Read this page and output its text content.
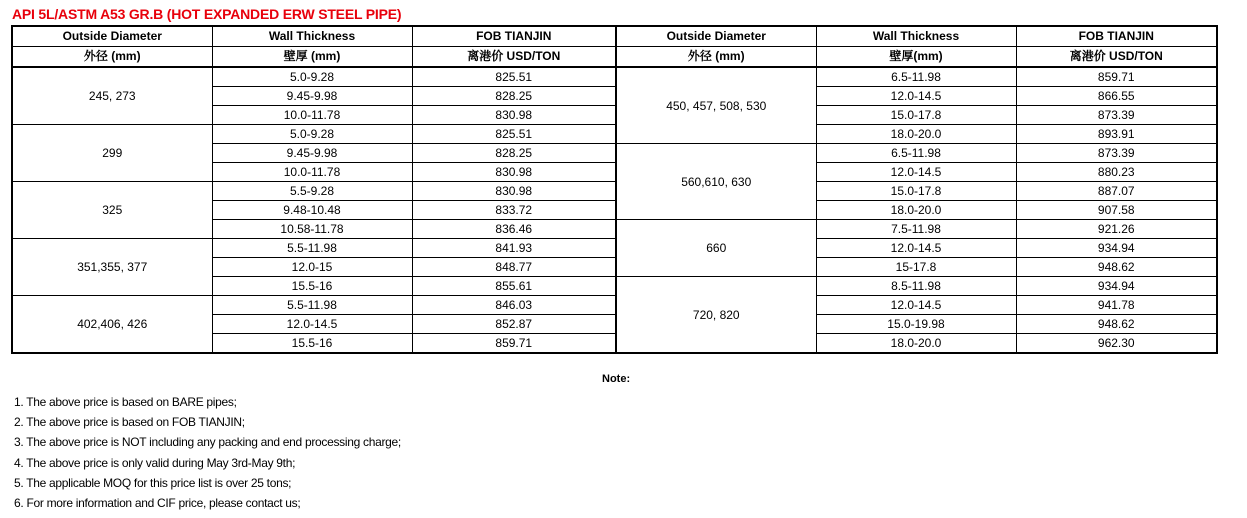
API 5L/ASTM A53 GR.B (HOT EXPANDED ERW STEEL PIPE)
Outside Diameter	Wall Thickness	FOB TIANJIN	Outside Diameter	Wall Thickness	FOB TIANJIN
外径 (mm)	壁厚 (mm)	离港价 USD/TON	外径 (mm)	壁厚(mm)	离港价 USD/TON
245, 273	5.0-9.28	825.51	450, 457, 508, 530	6.5-11.98	859.71
	9.45-9.98	828.25		12.0-14.5	866.55
	10.0-11.78	830.98		15.0-17.8	873.39
299	5.0-9.28	825.51		18.0-20.0	893.91
	9.45-9.98	828.25	560,610, 630	6.5-11.98	873.39
	10.0-11.78	830.98		12.0-14.5	880.23
325	5.5-9.28	830.98		15.0-17.8	887.07
	9.48-10.48	833.72		18.0-20.0	907.58
	10.58-11.78	836.46	660	7.5-11.98	921.26
351,355, 377	5.5-11.98	841.93		12.0-14.5	934.94
	12.0-15	848.77		15-17.8	948.62
	15.5-16	855.61	720, 820	8.5-11.98	934.94
402,406, 426	5.5-11.98	846.03		12.0-14.5	941.78
	12.0-14.5	852.87		15.0-19.98	948.62
	15.5-16	859.71		18.0-20.0	962.30
Note:
1. The above price is based on BARE pipes;
2. The above price is based on FOB TIANJIN;
3. The above price is NOT including any packing and end processing charge;
4. The above price is only valid during May 3rd-May 9th;
5. The applicable MOQ for this price list is over 25 tons;
6. For more information and CIF price, please contact us;
